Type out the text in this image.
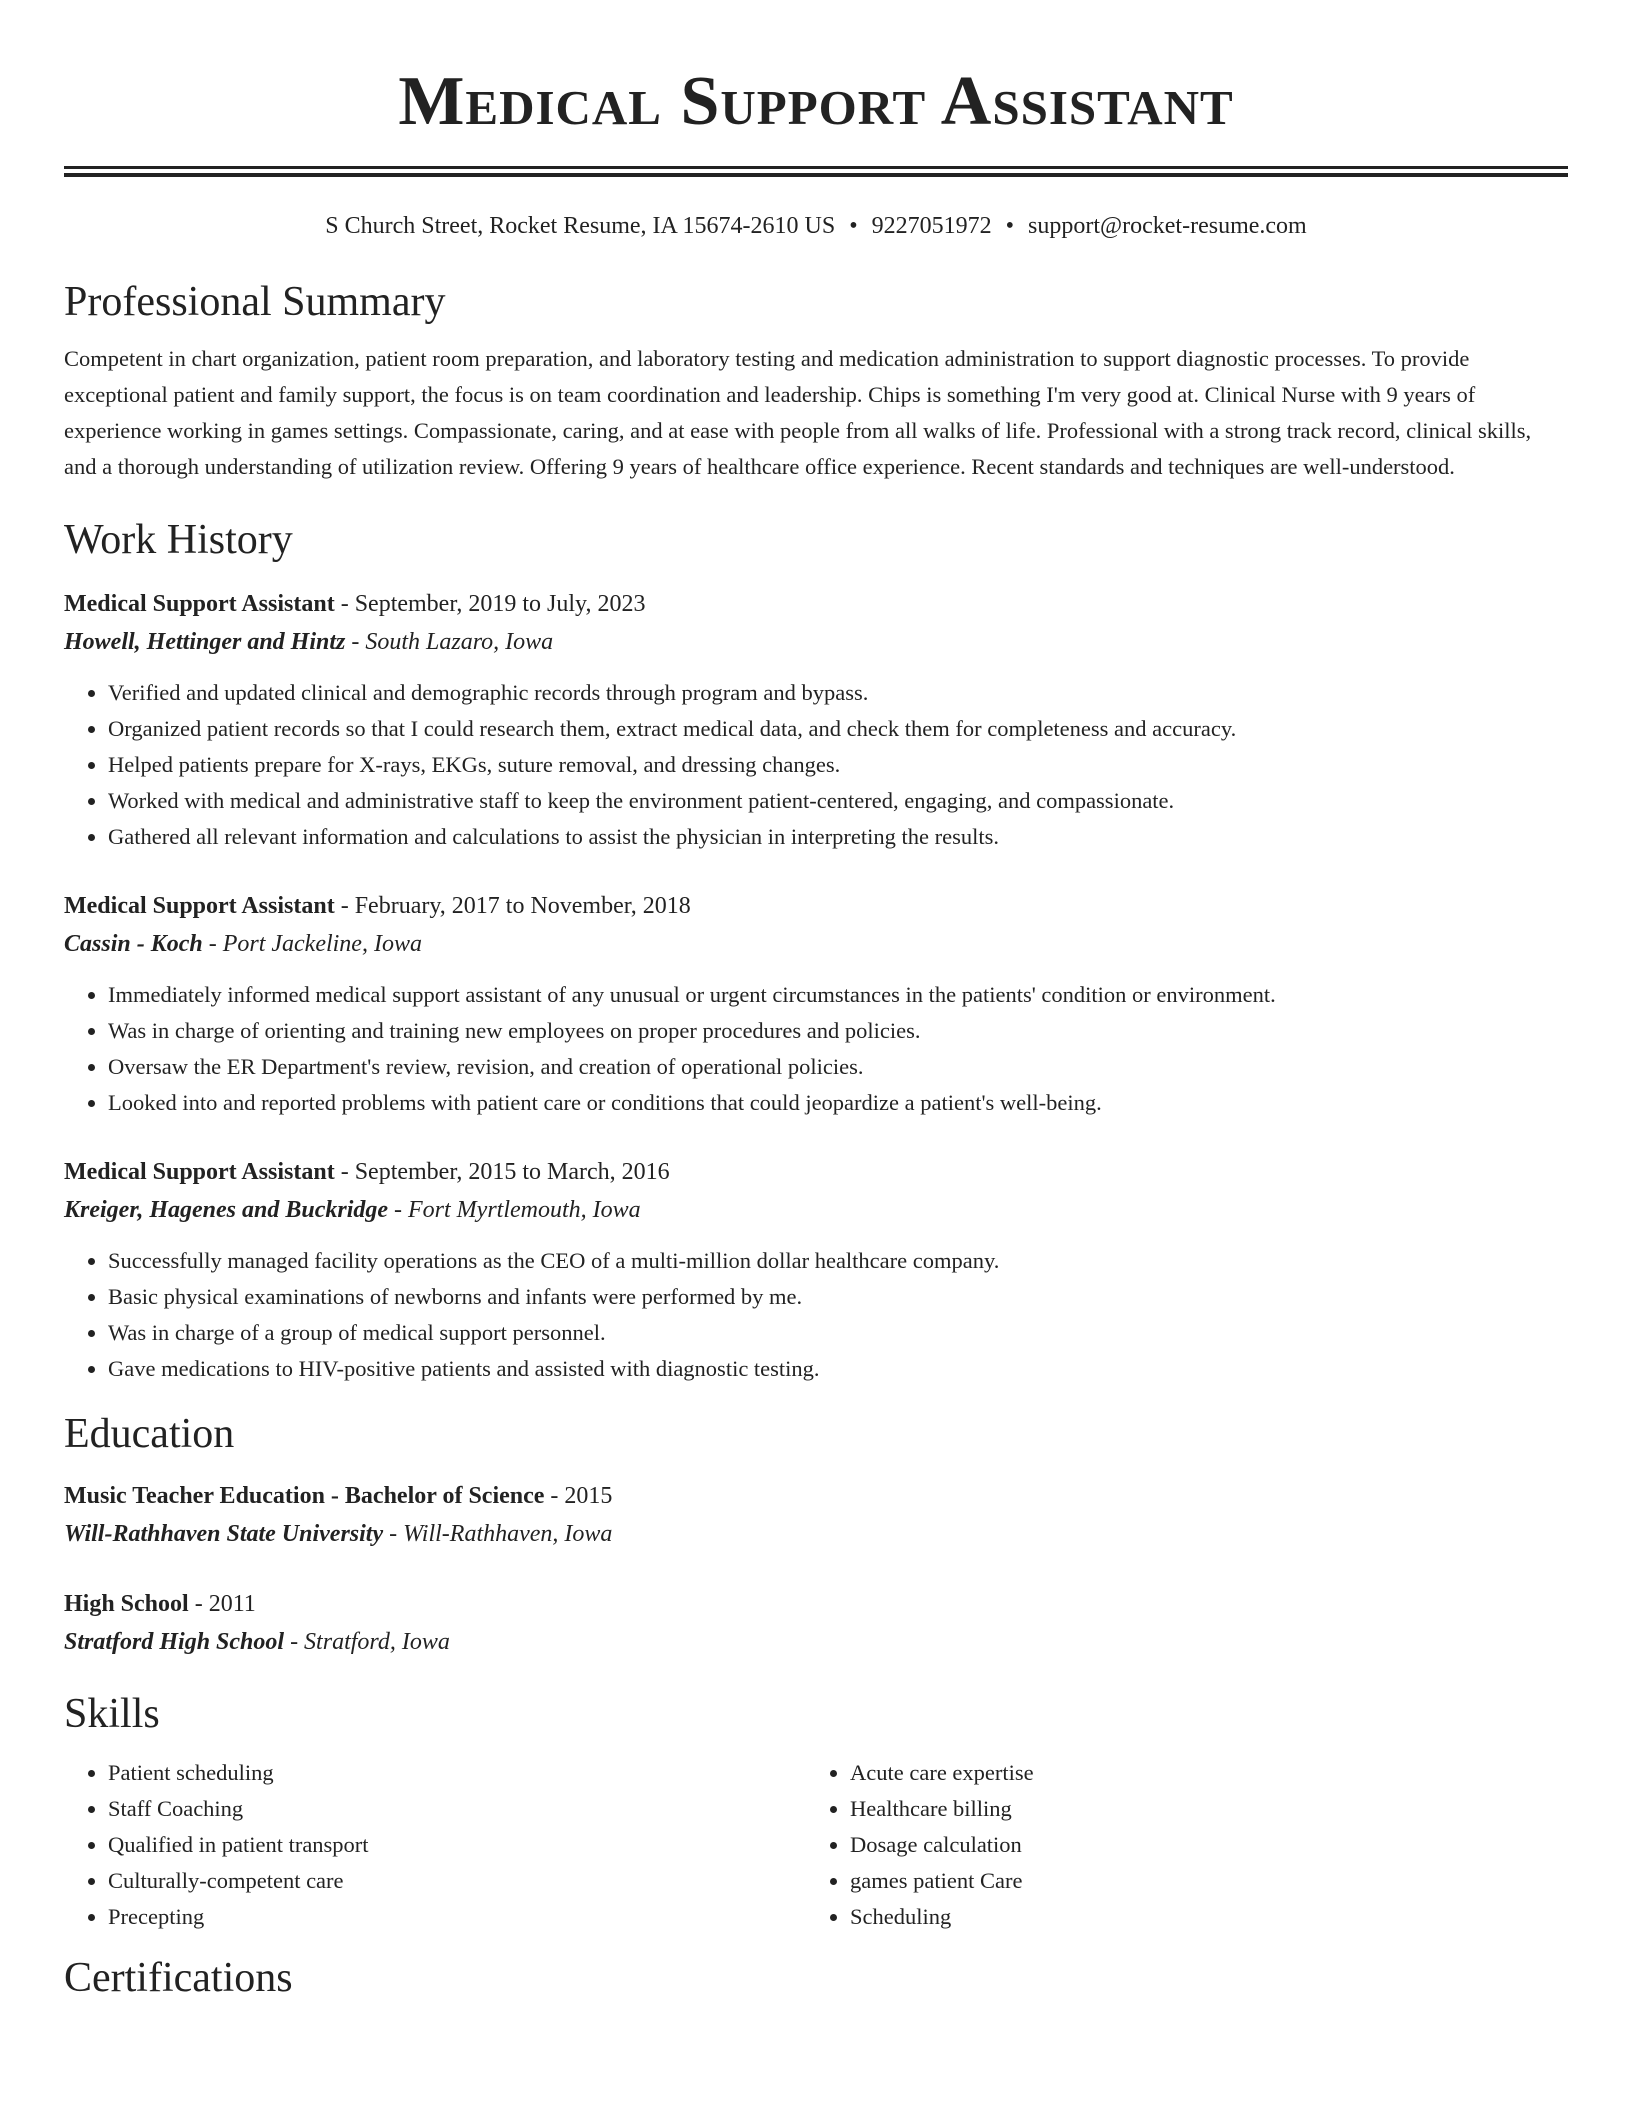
Medical Support Assistant
S Church Street, Rocket Resume, IA 15674-2610 US • 9227051972 • support@rocket-resume.com
Professional Summary
Competent in chart organization, patient room preparation, and laboratory testing and medication administration to support diagnostic processes. To provide exceptional patient and family support, the focus is on team coordination and leadership. Chips is something I'm very good at. Clinical Nurse with 9 years of experience working in games settings. Compassionate, caring, and at ease with people from all walks of life. Professional with a strong track record, clinical skills, and a thorough understanding of utilization review. Offering 9 years of healthcare office experience. Recent standards and techniques are well-understood.
Work History
Medical Support Assistant - September, 2019 to July, 2023
Howell, Hettinger and Hintz - South Lazaro, Iowa
• Verified and updated clinical and demographic records through program and bypass.
• Organized patient records so that I could research them, extract medical data, and check them for completeness and accuracy.
• Helped patients prepare for X-rays, EKGs, suture removal, and dressing changes.
• Worked with medical and administrative staff to keep the environment patient-centered, engaging, and compassionate.
• Gathered all relevant information and calculations to assist the physician in interpreting the results.
Medical Support Assistant - February, 2017 to November, 2018
Cassin - Koch - Port Jackeline, Iowa
• Immediately informed medical support assistant of any unusual or urgent circumstances in the patients' condition or environment.
• Was in charge of orienting and training new employees on proper procedures and policies.
• Oversaw the ER Department's review, revision, and creation of operational policies.
• Looked into and reported problems with patient care or conditions that could jeopardize a patient's well-being.
Medical Support Assistant - September, 2015 to March, 2016
Kreiger, Hagenes and Buckridge - Fort Myrtlemouth, Iowa
• Successfully managed facility operations as the CEO of a multi-million dollar healthcare company.
• Basic physical examinations of newborns and infants were performed by me.
• Was in charge of a group of medical support personnel.
• Gave medications to HIV-positive patients and assisted with diagnostic testing.
Education
Music Teacher Education - Bachelor of Science - 2015
Will-Rathhaven State University - Will-Rathhaven, Iowa
High School - 2011
Stratford High School - Stratford, Iowa
Skills
• Patient scheduling
• Staff Coaching
• Qualified in patient transport
• Culturally-competent care
• Precepting
• Acute care expertise
• Healthcare billing
• Dosage calculation
• games patient Care
• Scheduling
Certifications
